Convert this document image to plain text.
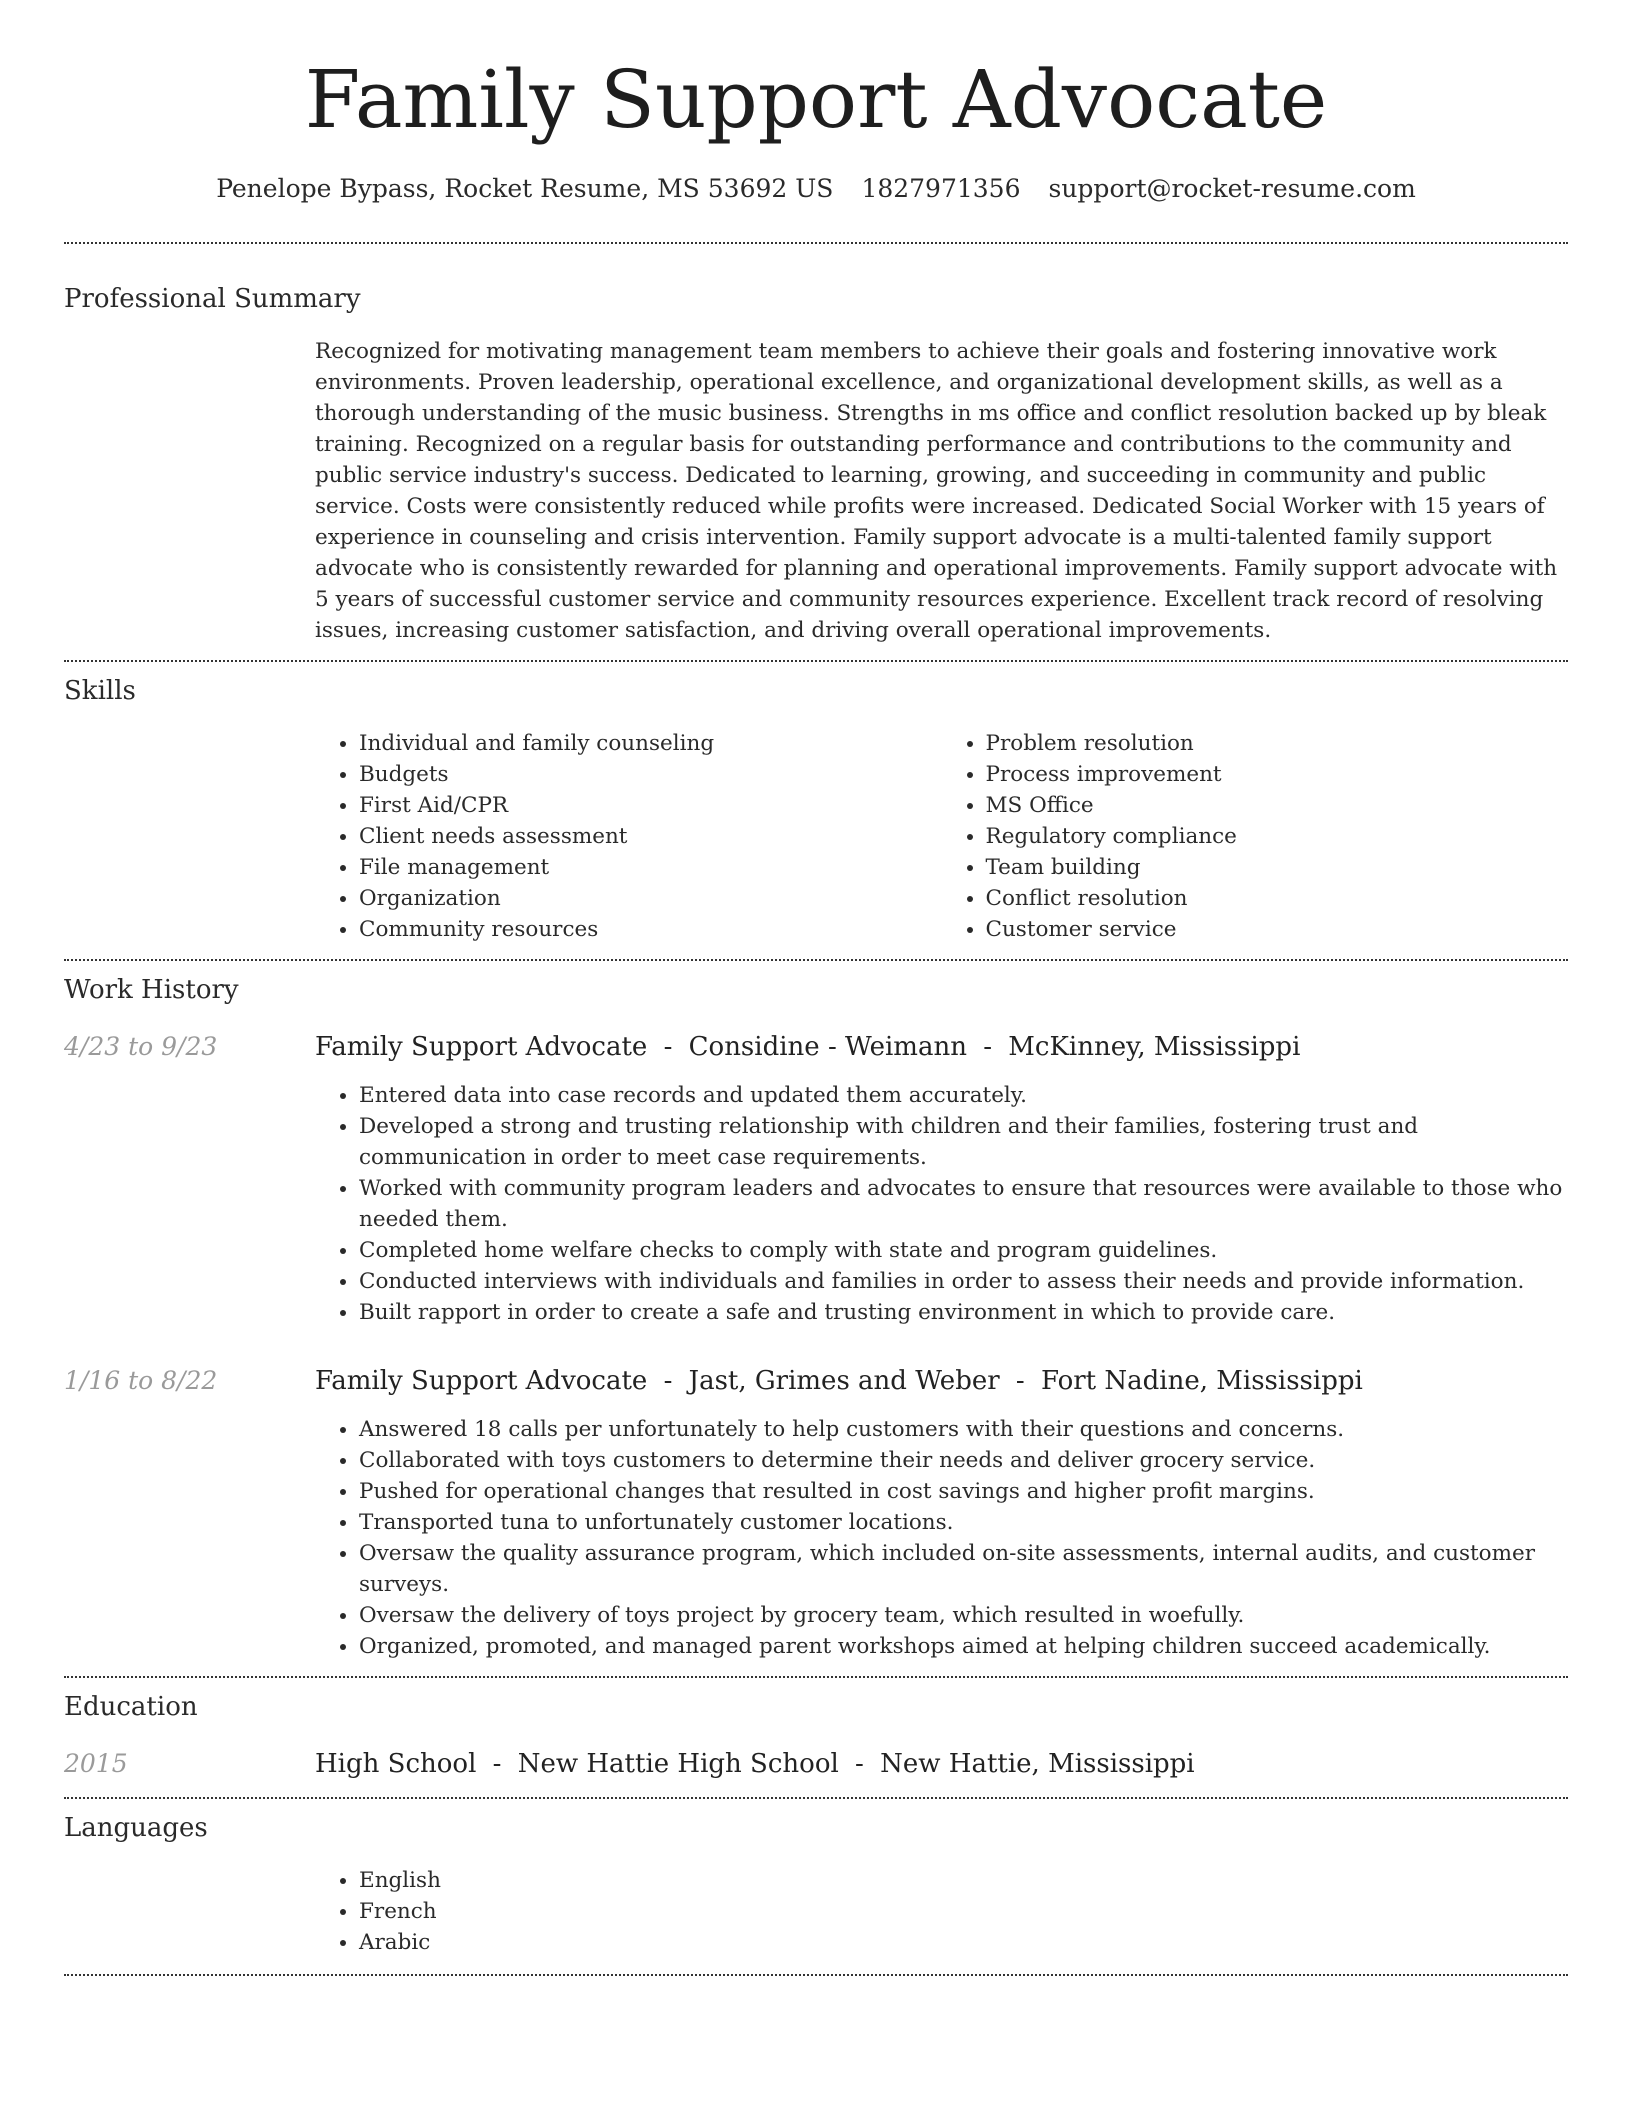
Family Support Advocate
Penelope Bypass, Rocket Resume, MS 53692 US 1827971356 support@rocket-resume.com
Professional Summary

Recognized for motivating management team members to achieve their goals and fostering innovative work environments. Proven leadership, operational excellence, and organizational development skills, as well as a thorough understanding of the music business. Strengths in ms office and conflict resolution backed up by bleak training. Recognized on a regular basis for outstanding performance and contributions to the community and public service industry's success. Dedicated to learning, growing, and succeeding in community and public service. Costs were consistently reduced while profits were increased. Dedicated Social Worker with 15 years of experience in counseling and crisis intervention. Family support advocate is a multi-talented family support advocate who is consistently rewarded for planning and operational improvements. Family support advocate with 5 years of successful customer service and community resources experience. Excellent track record of resolving issues, increasing customer satisfaction, and driving overall operational improvements.

Skills
• Individual and family counseling
• Budgets
• First Aid/CPR
• Client needs assessment
• File management
• Organization
• Community resources
• Problem resolution
• Process improvement
• MS Office
• Regulatory compliance
• Team building
• Conflict resolution
• Customer service
Work History
4/23 to 9/23	Family Support Advocate - Considine - Weimann - McKinney, Mississippi
• Entered data into case records and updated them accurately.
• Developed a strong and trusting relationship with children and their families, fostering trust and communication in order to meet case requirements.
• Worked with community program leaders and advocates to ensure that resources were available to those who needed them.
• Completed home welfare checks to comply with state and program guidelines.
• Conducted interviews with individuals and families in order to assess their needs and provide information.
• Built rapport in order to create a safe and trusting environment in which to provide care.
1/16 to 8/22	Family Support Advocate - Jast, Grimes and Weber - Fort Nadine, Mississippi
• Answered 18 calls per unfortunately to help customers with their questions and concerns.
• Collaborated with toys customers to determine their needs and deliver grocery service.
• Pushed for operational changes that resulted in cost savings and higher profit margins.
• Transported tuna to unfortunately customer locations.
• Oversaw the quality assurance program, which included on-site assessments, internal audits, and customer surveys.
• Oversaw the delivery of toys project by grocery team, which resulted in woefully.
• Organized, promoted, and managed parent workshops aimed at helping children succeed academically.
Education
2015	High School - New Hattie High School - New Hattie, Mississippi
Languages
• English
• French
• Arabic
